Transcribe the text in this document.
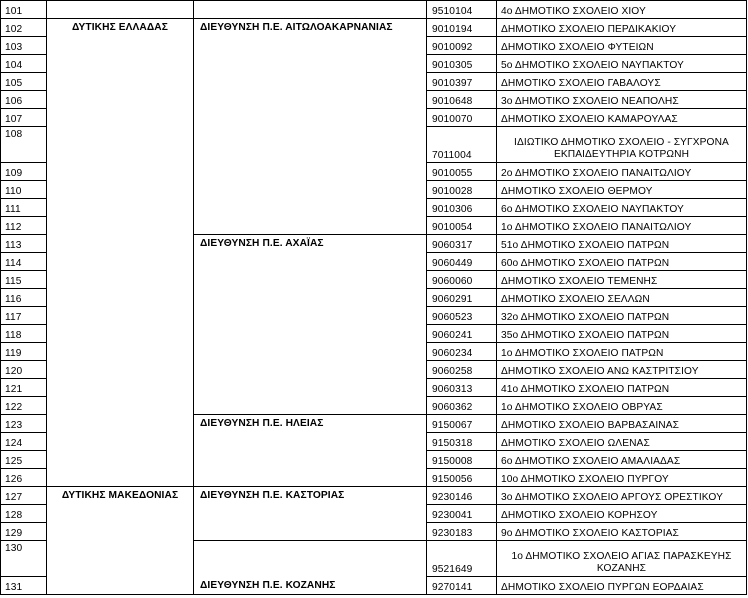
101				9510104	4ο ΔΗΜΟΤΙΚΟ ΣΧΟΛΕΙΟ ΧΙΟΥ
102	ΔΥΤΙΚΗΣ ΕΛΛΑΔΑΣ	ΔΙΕΥΘΥΝΣΗ Π.Ε. ΑΙΤΩΛΟΑΚΑΡΝΑΝΙΑΣ		9010194	ΔΗΜΟΤΙΚΟ ΣΧΟΛΕΙΟ ΠΕΡΔΙΚΑΚΙΟΥ
103			9010092	ΔΗΜΟΤΙΚΟ ΣΧΟΛΕΙΟ ΦΥΤΕΙΩΝ
104			9010305	5ο ΔΗΜΟΤΙΚΟ ΣΧΟΛΕΙΟ ΝΑΥΠΑΚΤΟΥ
105			9010397	ΔΗΜΟΤΙΚΟ ΣΧΟΛΕΙΟ ΓΑΒΑΛΟΥΣ
106			9010648	3ο ΔΗΜΟΤΙΚΟ ΣΧΟΛΕΙΟ ΝΕΑΠΟΛΗΣ
107			9010070	ΔΗΜΟΤΙΚΟ ΣΧΟΛΕΙΟ ΚΑΜΑΡΟΥΛΑΣ
108			7011004	ΙΔΙΩΤΙΚΟ ΔΗΜΟΤΙΚΟ ΣΧΟΛΕΙΟ - ΣΥΓΧΡΟΝΑ ΕΚΠΑΙΔΕΥΤΗΡΙΑ ΚΟΤΡΩΝΗ
109			9010055	2ο ΔΗΜΟΤΙΚΟ ΣΧΟΛΕΙΟ ΠΑΝΑΙΤΩΛΙΟΥ
110			9010028	ΔΗΜΟΤΙΚΟ ΣΧΟΛΕΙΟ ΘΕΡΜΟΥ
111			9010306	6ο ΔΗΜΟΤΙΚΟ ΣΧΟΛΕΙΟ ΝΑΥΠΑΚΤΟΥ
112			9010054	1ο ΔΗΜΟΤΙΚΟ ΣΧΟΛΕΙΟ ΠΑΝΑΙΤΩΛΙΟΥ
113		ΔΙΕΥΘΥΝΣΗ Π.Ε. ΑΧΑΪΑΣ		9060317	51ο ΔΗΜΟΤΙΚΟ ΣΧΟΛΕΙΟ ΠΑΤΡΩΝ
114			9060449	60ο ΔΗΜΟΤΙΚΟ ΣΧΟΛΕΙΟ ΠΑΤΡΩΝ
115			9060060	ΔΗΜΟΤΙΚΟ ΣΧΟΛΕΙΟ ΤΕΜΕΝΗΣ
116			9060291	ΔΗΜΟΤΙΚΟ ΣΧΟΛΕΙΟ ΣΕΛΛΩΝ
117			9060523	32ο ΔΗΜΟΤΙΚΟ ΣΧΟΛΕΙΟ ΠΑΤΡΩΝ
118			9060241	35ο ΔΗΜΟΤΙΚΟ ΣΧΟΛΕΙΟ ΠΑΤΡΩΝ
119			9060234	1ο ΔΗΜΟΤΙΚΟ ΣΧΟΛΕΙΟ ΠΑΤΡΩΝ
120			9060258	ΔΗΜΟΤΙΚΟ ΣΧΟΛΕΙΟ ΑΝΩ ΚΑΣΤΡΙΤΣΙΟΥ
121			9060313	41ο ΔΗΜΟΤΙΚΟ ΣΧΟΛΕΙΟ ΠΑΤΡΩΝ
122			9060362	1ο ΔΗΜΟΤΙΚΟ ΣΧΟΛΕΙΟ ΟΒΡΥΑΣ
123		ΔΙΕΥΘΥΝΣΗ Π.Ε. ΗΛΕΙΑΣ		9150067	ΔΗΜΟΤΙΚΟ ΣΧΟΛΕΙΟ ΒΑΡΒΑΣΑΙΝΑΣ
124			9150318	ΔΗΜΟΤΙΚΟ ΣΧΟΛΕΙΟ ΩΛΕΝΑΣ
125			9150008	6ο ΔΗΜΟΤΙΚΟ ΣΧΟΛΕΙΟ ΑΜΑΛΙΑΔΑΣ
126			9150056	10ο ΔΗΜΟΤΙΚΟ ΣΧΟΛΕΙΟ ΠΥΡΓΟΥ
127	ΔΥΤΙΚΗΣ ΜΑΚΕΔΟΝΙΑΣ	ΔΙΕΥΘΥΝΣΗ Π.Ε. ΚΑΣΤΟΡΙΑΣ		9230146	3ο ΔΗΜΟΤΙΚΟ ΣΧΟΛΕΙΟ ΑΡΓΟΥΣ ΟΡΕΣΤΙΚΟΥ
128			9230041	ΔΗΜΟΤΙΚΟ ΣΧΟΛΕΙΟ ΚΟΡΗΣΟΥ
129			9230183	9ο ΔΗΜΟΤΙΚΟ ΣΧΟΛΕΙΟ ΚΑΣΤΟΡΙΑΣ
130		ΔΙΕΥΘΥΝΣΗ Π.Ε. ΚΟΖΑΝΗΣ		9521649	1ο ΔΗΜΟΤΙΚΟ ΣΧΟΛΕΙΟ ΑΓΙΑΣ ΠΑΡΑΣΚΕΥΗΣ ΚΟΖΑΝΗΣ
131			9270141	ΔΗΜΟΤΙΚΟ ΣΧΟΛΕΙΟ ΠΥΡΓΩΝ ΕΟΡΔΑΙΑΣ
